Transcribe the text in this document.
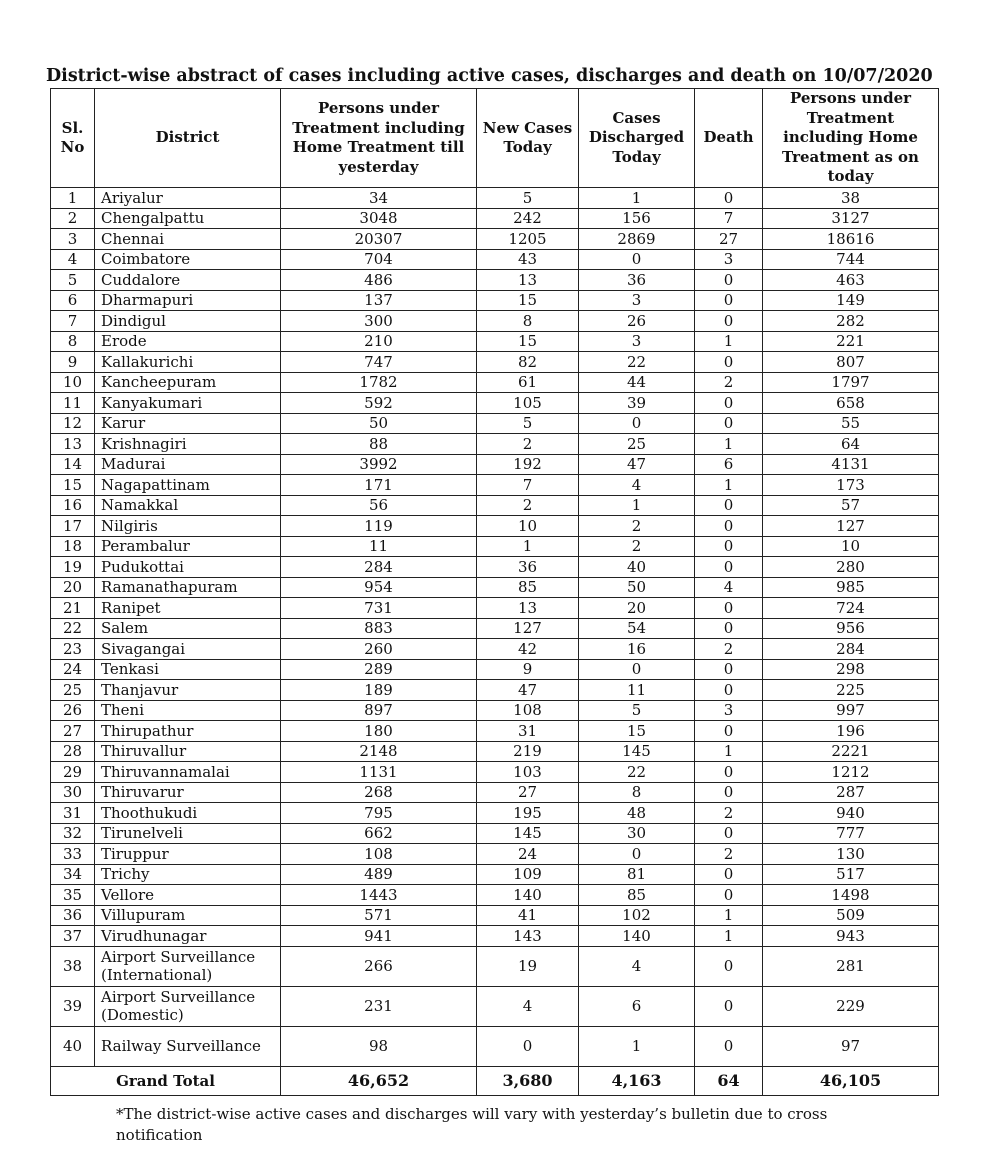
District-wise abstract of cases including active cases, discharges and death on 10/07/2020
Sl. No	District	Persons under Treatment including Home Treatment till yesterday	New Cases Today	Cases Discharged Today	Death	Persons under Treatment including Home Treatment as on today
1	Ariyalur	34	5	1	0	38
2	Chengalpattu	3048	242	156	7	3127
3	Chennai	20307	1205	2869	27	18616
4	Coimbatore	704	43	0	3	744
5	Cuddalore	486	13	36	0	463
6	Dharmapuri	137	15	3	0	149
7	Dindigul	300	8	26	0	282
8	Erode	210	15	3	1	221
9	Kallakurichi	747	82	22	0	807
10	Kancheepuram	1782	61	44	2	1797
11	Kanyakumari	592	105	39	0	658
12	Karur	50	5	0	0	55
13	Krishnagiri	88	2	25	1	64
14	Madurai	3992	192	47	6	4131
15	Nagapattinam	171	7	4	1	173
16	Namakkal	56	2	1	0	57
17	Nilgiris	119	10	2	0	127
18	Perambalur	11	1	2	0	10
19	Pudukottai	284	36	40	0	280
20	Ramanathapuram	954	85	50	4	985
21	Ranipet	731	13	20	0	724
22	Salem	883	127	54	0	956
23	Sivagangai	260	42	16	2	284
24	Tenkasi	289	9	0	0	298
25	Thanjavur	189	47	11	0	225
26	Theni	897	108	5	3	997
27	Thirupathur	180	31	15	0	196
28	Thiruvallur	2148	219	145	1	2221
29	Thiruvannamalai	1131	103	22	0	1212
30	Thiruvarur	268	27	8	0	287
31	Thoothukudi	795	195	48	2	940
32	Tirunelveli	662	145	30	0	777
33	Tiruppur	108	24	0	2	130
34	Trichy	489	109	81	0	517
35	Vellore	1443	140	85	0	1498
36	Villupuram	571	41	102	1	509
37	Virudhunagar	941	143	140	1	943
38	Airport Surveillance (International)	266	19	4	0	281
39	Airport Surveillance (Domestic)	231	4	6	0	229
40	Railway Surveillance	98	0	1	0	97
Grand Total		46,652	3,680	4,163	64	46,105
*The district-wise active cases and discharges will vary with yesterday’s bulletin due to cross notification
